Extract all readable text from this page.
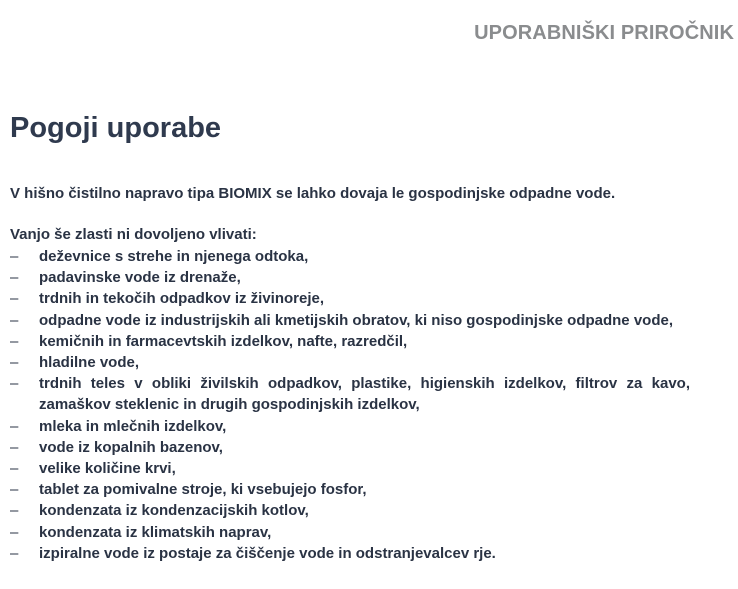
UPORABNIŠKI PRIROČNIK
Pogoji uporabe

V hišno čistilno napravo tipa BIOMIX se lahko dovaja le gospodinjske odpadne vode.

Vanjo še zlasti ni dovoljeno vlivati:

–	deževnice s strehe in njenega odtoka,
–	padavinske vode iz drenaže,
–	trdnih in tekočih odpadkov iz živinoreje,
–	odpadne vode iz industrijskih ali kmetijskih obratov, ki niso gospodinjske odpadne vode,
–	kemičnih in farmacevtskih izdelkov, nafte, razredčil,
–	hladilne vode,
–	trdnih teles v obliki živilskih odpadkov, plastike, higienskih izdelkov, filtrov za kavo, zamaškov steklenic in drugih gospodinjskih izdelkov,
–	mleka in mlečnih izdelkov,
–	vode iz kopalnih bazenov,
–	velike količine krvi,
–	tablet za pomivalne stroje, ki vsebujejo fosfor,
–	kondenzata iz kondenzacijskih kotlov,
–	kondenzata iz klimatskih naprav,
–	izpiralne vode iz postaje za čiščenje vode in odstranjevalcev rje.
